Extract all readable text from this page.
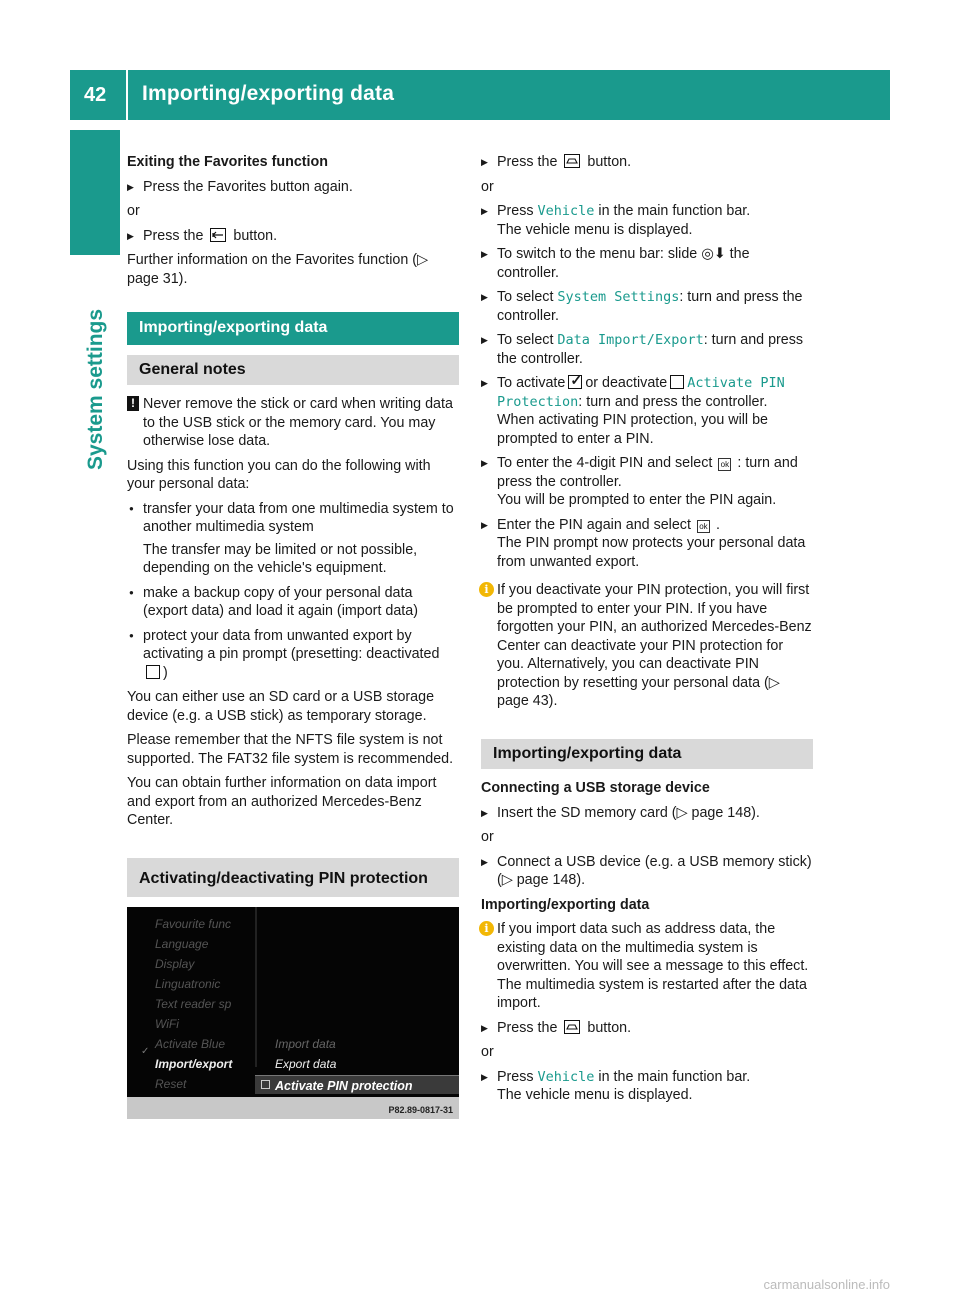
42 Importing/exporting data
System settings

Exiting the Favorites function

▶ Press the Favorites button again.

or

▶ Press the button.

Further information on the Favorites function (▷ page 31).

Importing/exporting data
General notes
! Never remove the stick or card when writing data to the USB stick or the memory card. You may otherwise lose data.

Using this function you can do the following with your personal data:

● transfer your data from one multimedia system to another multimedia system
The transfer may be limited or not possible, depending on the vehicle's equipment.
● make a backup copy of your personal data (export data) and load it again (import data)
● protect your data from unwanted export by activating a pin prompt (presetting: deactivated)

You can either use an SD card or a USB storage device (e.g. a USB stick) as temporary storage.

Please remember that the NFTS file system is not supported. The FAT32 file system is recommended.

You can obtain further information on data import and export from an authorized Mercedes-Benz Center.

Activating/deactivating PIN protection
Favourite func
Language
Display
Linguatronic
Text reader sp
WiFi
✓
Activate Blue
Import/export
Reset
Import data
Export data
Activate PIN protection
P82.89-0817-31
▶ Press the button.

or

▶ Press Vehicle in the main function bar.
The vehicle menu is displayed.
▶ To switch to the menu bar: slide ◎⬇ the controller.
▶ To select System Settings: turn and press the controller.
▶ To select Data Import/Export: turn and press the controller.
▶ To activate✓ or deactivate Activate PIN Protection: turn and press the controller.
When activating PIN protection, you will be prompted to enter a PIN.
▶ To enter the 4-digit PIN and select ok : turn and press the controller.
You will be prompted to enter the PIN again.
▶ Enter the PIN again and select ok .
The PIN prompt now protects your personal data from unwanted export.
i If you deactivate your PIN protection, you will first be prompted to enter your PIN. If you have forgotten your PIN, an authorized Mercedes-Benz Center can deactivate your PIN protection for you. Alternatively, you can deactivate PIN protection by resetting your personal data (▷ page 43).
Importing/exporting data

Connecting a USB storage device

▶ Insert the SD memory card (▷ page 148).

or

▶ Connect a USB device (e.g. a USB memory stick) (▷ page 148).

Importing/exporting data

i If you import data such as address data, the existing data on the multimedia system is overwritten. You will see a message to this effect. The multimedia system is restarted after the data import.
▶ Press the button.

or

▶ Press Vehicle in the main function bar.
The vehicle menu is displayed.
carmanualsonline.info
